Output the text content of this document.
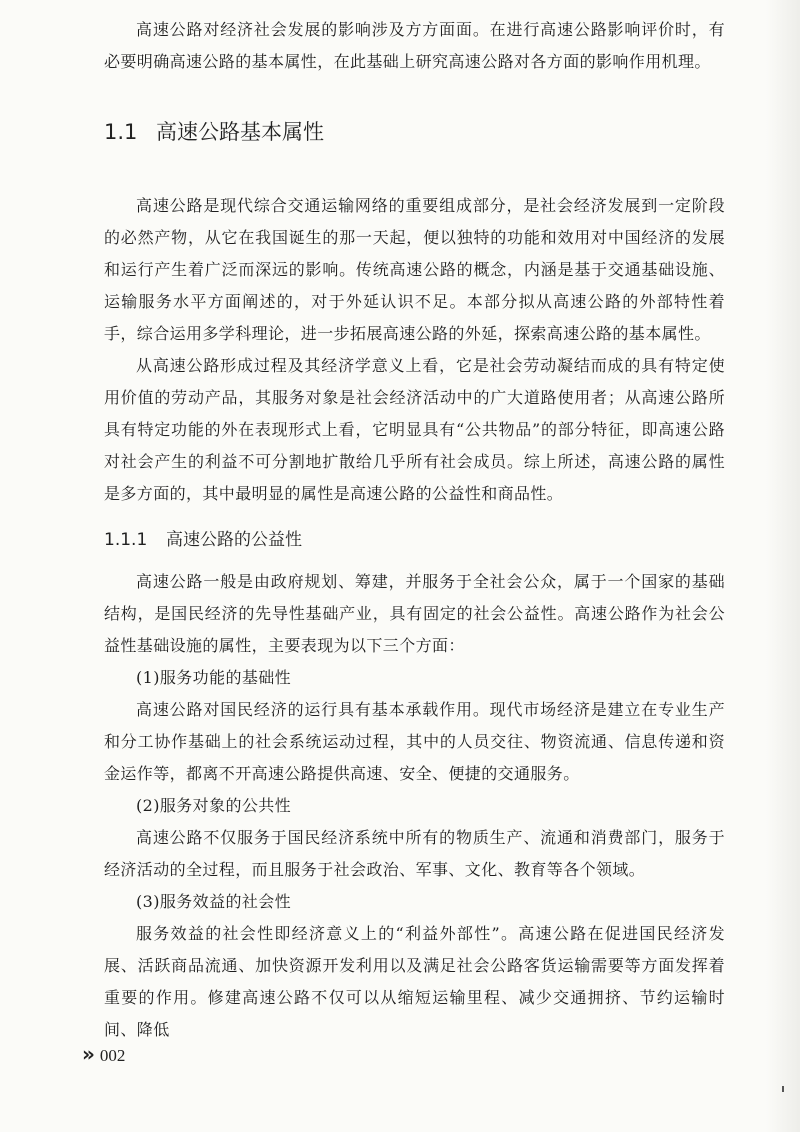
高速公路对经济社会发展的影响涉及方方面面。在进行高速公路影响评价时，有必要明确高速公路的基本属性，在此基础上研究高速公路对各方面的影响作用机理。

1.1 高速公路基本属性

高速公路是现代综合交通运输网络的重要组成部分，是社会经济发展到一定阶段的必然产物，从它在我国诞生的那一天起，便以独特的功能和效用对中国经济的发展和运行产生着广泛而深远的影响。传统高速公路的概念，内涵是基于交通基础设施、运输服务水平方面阐述的，对于外延认识不足。本部分拟从高速公路的外部特性着手，综合运用多学科理论，进一步拓展高速公路的外延，探索高速公路的基本属性。

从高速公路形成过程及其经济学意义上看，它是社会劳动凝结而成的具有特定使用价值的劳动产品，其服务对象是社会经济活动中的广大道路使用者；从高速公路所具有特定功能的外在表现形式上看，它明显具有“公共物品”的部分特征，即高速公路对社会产生的利益不可分割地扩散给几乎所有社会成员。综上所述，高速公路的属性是多方面的，其中最明显的属性是高速公路的公益性和商品性。

1.1.1 高速公路的公益性

高速公路一般是由政府规划、筹建，并服务于全社会公众，属于一个国家的基础结构，是国民经济的先导性基础产业，具有固定的社会公益性。高速公路作为社会公益性基础设施的属性，主要表现为以下三个方面：

(1)服务功能的基础性

高速公路对国民经济的运行具有基本承载作用。现代市场经济是建立在专业生产和分工协作基础上的社会系统运动过程，其中的人员交往、物资流通、信息传递和资金运作等，都离不开高速公路提供高速、安全、便捷的交通服务。

(2)服务对象的公共性

高速公路不仅服务于国民经济系统中所有的物质生产、流通和消费部门，服务于经济活动的全过程，而且服务于社会政治、军事、文化、教育等各个领域。

(3)服务效益的社会性

服务效益的社会性即经济意义上的“利益外部性”。高速公路在促进国民经济发展、活跃商品流通、加快资源开发利用以及满足社会公路客货运输需要等方面发挥着重要的作用。修建高速公路不仅可以从缩短运输里程、减少交通拥挤、节约运输时间、降低

» 002
